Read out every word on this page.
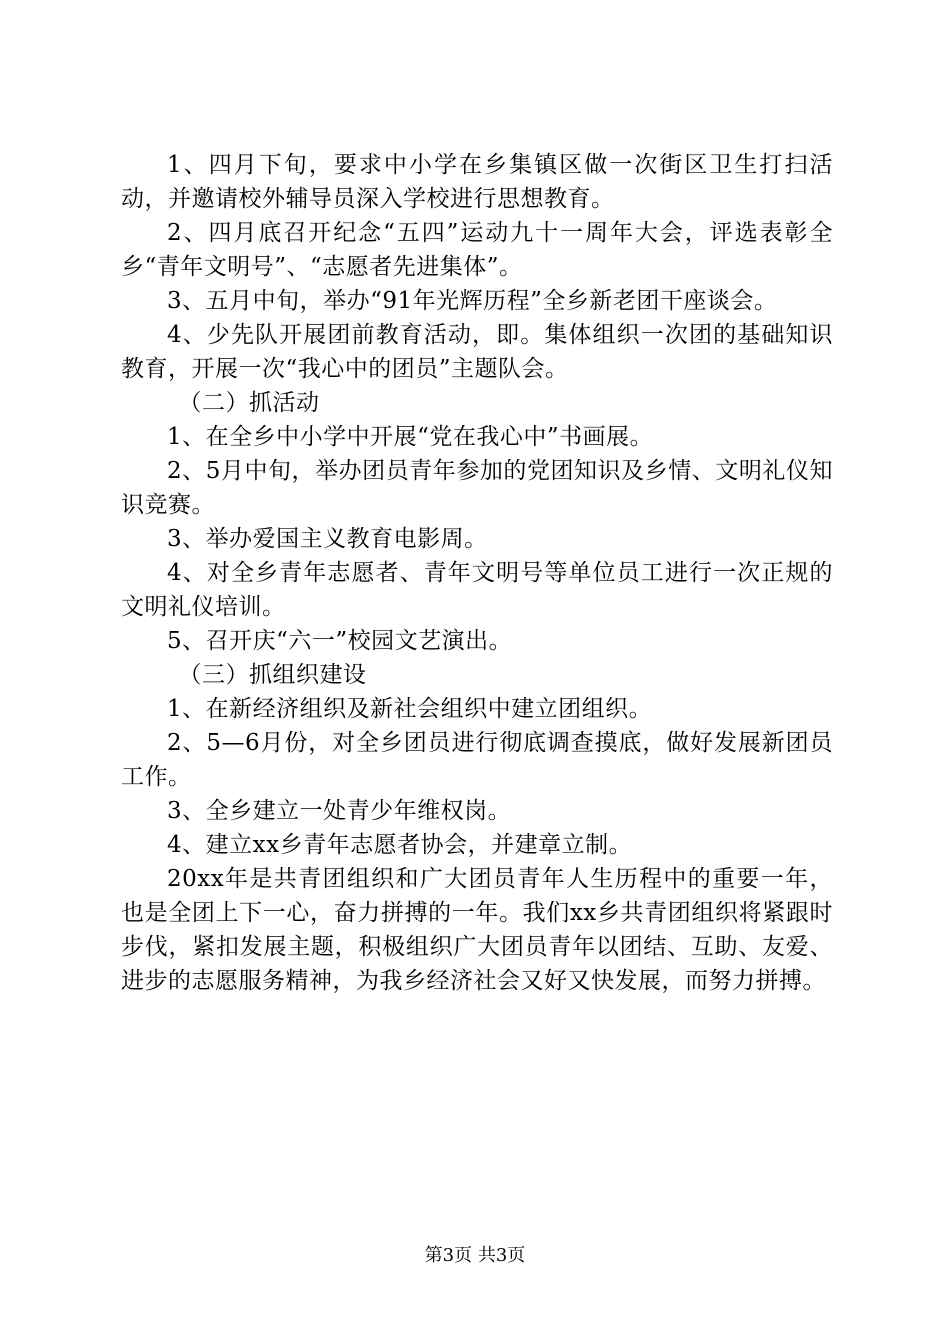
1、四月下旬，要求中小学在乡集镇区做一次街区卫生打扫活动，并邀请校外辅导员深入学校进行思想教育。

2、四月底召开纪念“五四”运动九十一周年大会，评选表彰全乡“青年文明号”、“志愿者先进集体”。

3、五月中旬，举办“91年光辉历程”全乡新老团干座谈会。

4、少先队开展团前教育活动，即。集体组织一次团的基础知识教育，开展一次“我心中的团员”主题队会。

（二）抓活动

1、在全乡中小学中开展“党在我心中”书画展。

2、5月中旬，举办团员青年参加的党团知识及乡情、文明礼仪知识竞赛。

3、举办爱国主义教育电影周。

4、对全乡青年志愿者、青年文明号等单位员工进行一次正规的文明礼仪培训。

5、召开庆“六一”校园文艺演出。

（三）抓组织建设

1、在新经济组织及新社会组织中建立团组织。

2、5—6月份，对全乡团员进行彻底调查摸底，做好发展新团员工作。

3、全乡建立一处青少年维权岗。

4、建立xx乡青年志愿者协会，并建章立制。

20xx年是共青团组织和广大团员青年人生历程中的重要一年，也是全团上下一心，奋力拼搏的一年。我们xx乡共青团组织将紧跟时步伐，紧扣发展主题，积极组织广大团员青年以团结、互助、友爱、进步的志愿服务精神，为我乡经济社会又好又快发展，而努力拼搏。

第3页 共3页
